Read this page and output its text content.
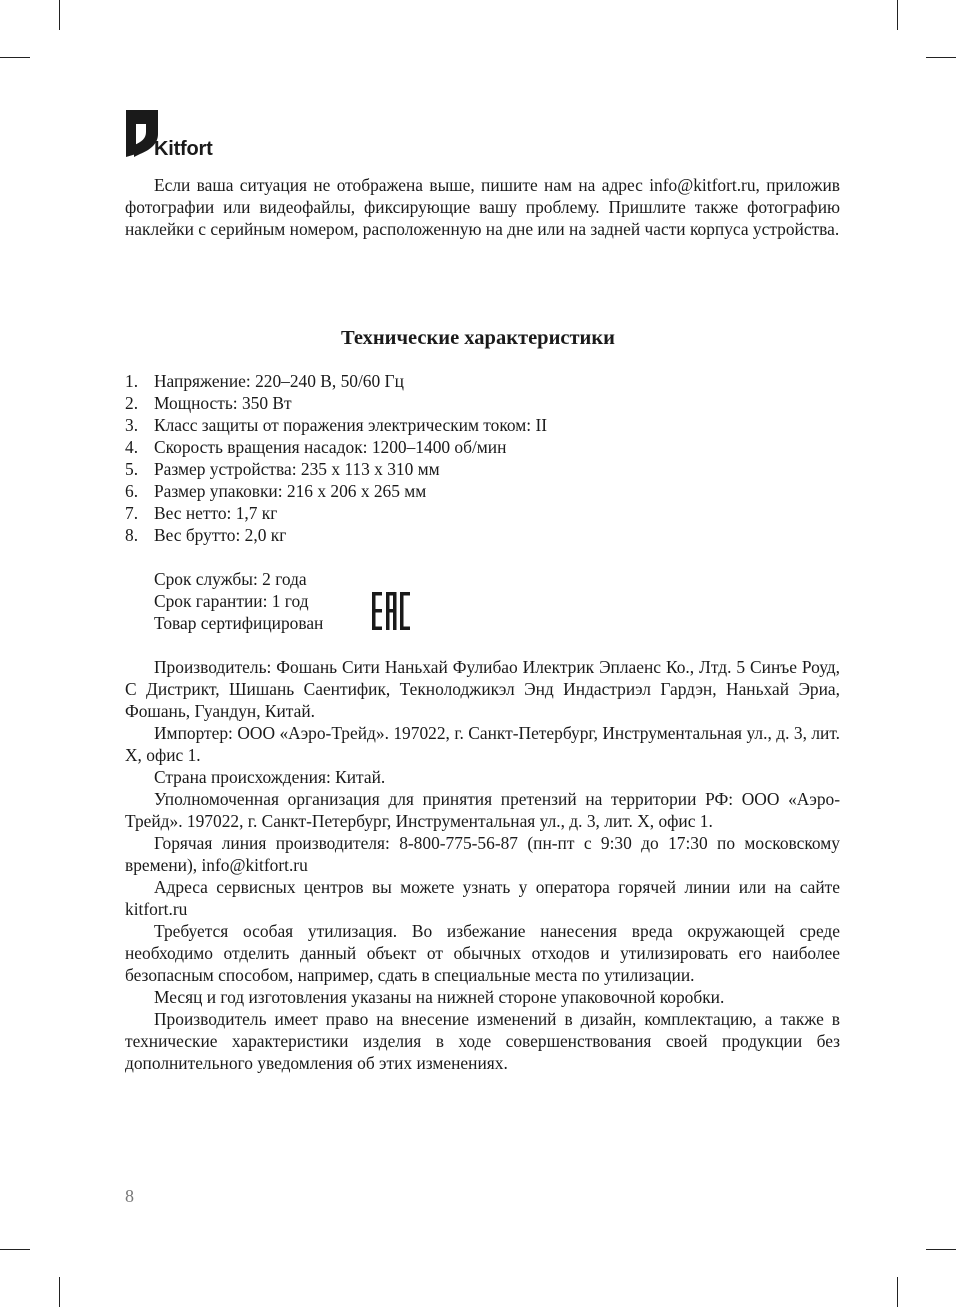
Kitfort

Если ваша ситуация не отображена выше, пишите нам на адрес info@kitfort.ru, приложив фотографии или видеофайлы, фиксирующие вашу проблему. Пришлите также фотографию наклейки с серийным номером, расположенную на дне или на задней части корпуса устройства.

Технические характеристики
1. Напряжение: 220–240 В, 50/60 Гц
2. Мощность: 350 Вт
3. Класс защиты от поражения электрическим током: II
4. Скорость вращения насадок: 1200–1400 об/мин
5. Размер устройства: 235 х 113 х 310 мм
6. Размер упаковки: 216 х 206 х 265 мм
7. Вес нетто: 1,7 кг
8. Вес брутто: 2,0 кг
Срок службы: 2 года
Срок гарантии: 1 год
Товар сертифицирован

Производитель: Фошань Сити Наньхай Фулибао Илектрик Эплаенс Ко., Лтд. 5 Синъе Роуд, С Дистрикт, Шишань Саентифик, Текнолоджикэл Энд Индастриэл Гардэн, Наньхай Эриа, Фошань, Гуандун, Китай.

Импортер: ООО «Аэро-Трейд». 197022, г. Санкт-Петербург, Инструментальная ул., д. 3, лит. Х, офис 1.

Страна происхождения: Китай.

Уполномоченная организация для принятия претензий на территории РФ: ООО «Аэро-Трейд». 197022, г. Санкт-Петербург, Инструментальная ул., д. 3, лит. Х, офис 1.

Горячая линия производителя: 8-800-775-56-87 (пн-пт с 9:30 до 17:30 по московскому времени), info@kitfort.ru

Адреса сервисных центров вы можете узнать у оператора горячей линии или на сайте kitfort.ru

Требуется особая утилизация. Во избежание нанесения вреда окружающей среде необходимо отделить данный объект от обычных отходов и утилизировать его наиболее безопасным способом, например, сдать в специальные места по утилизации.

Месяц и год изготовления указаны на нижней стороне упаковочной коробки.

Производитель имеет право на внесение изменений в дизайн, комплектацию, а также в технические характеристики изделия в ходе совершенствования своей продукции без дополнительного уведомления об этих изменениях.

8
